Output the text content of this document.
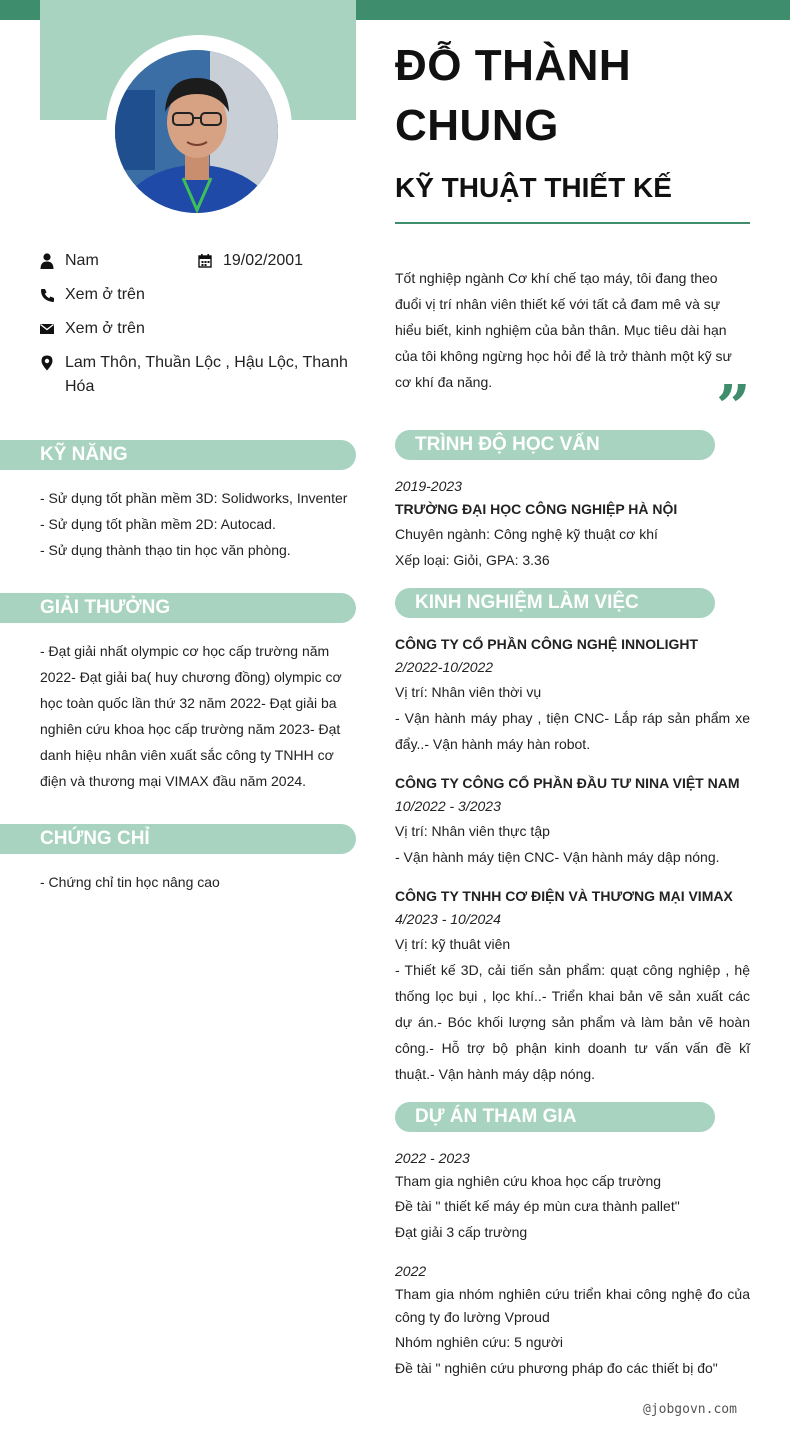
Nam	19/02/2001
Xem ở trên
Xem ở trên
Lam Thôn, Thuần Lộc , Hậu Lộc, Thanh Hóa
KỸ NĂNG
- Sử dụng tốt phần mềm 3D: Solidworks, Inventer
- Sử dụng tốt phần mềm 2D: Autocad.
- Sử dụng thành thạo tin học văn phòng.
GIẢI THƯỞNG
- Đạt giải nhất olympic cơ học cấp trường năm 2022- Đạt giải ba( huy chương đồng) olympic cơ học toàn quốc lần thứ 32 năm 2022- Đạt giải ba nghiên cứu khoa học cấp trường năm 2023- Đạt danh hiệu nhân viên xuất sắc công ty TNHH cơ điện và thương mại VIMAX đầu năm 2024.
CHỨNG CHỈ
- Chứng chỉ tin học nâng cao
ĐỖ THÀNH CHUNG
KỸ THUẬT THIẾT KẾ
Tốt nghiệp ngành Cơ khí chế tạo máy, tôi đang theo đuổi vị trí nhân viên thiết kế với tất cả đam mê và sự hiểu biết, kinh nghiệm của bản thân. Mục tiêu dài hạn của tôi không ngừng học hỏi để là trở thành một kỹ sư cơ khí đa năng.	”
TRÌNH ĐỘ HỌC VẤN
2019-2023
TRƯỜNG ĐẠI HỌC CÔNG NGHIỆP HÀ NỘI
Chuyên ngành: Công nghệ kỹ thuật cơ khí
Xếp loại: Giỏi, GPA: 3.36
KINH NGHIỆM LÀM VIỆC
CÔNG TY CỔ PHẦN CÔNG NGHỆ INNOLIGHT
2/2022-10/2022
Vị trí: Nhân viên thời vụ
- Vận hành máy phay , tiện CNC- Lắp ráp sản phẩm xe đẩy..- Vận hành máy hàn robot.
CÔNG TY CÔNG CỔ PHẦN ĐẦU TƯ NINA VIỆT NAM
10/2022 - 3/2023
Vị trí: Nhân viên thực tập
- Vận hành máy tiện CNC- Vận hành máy dập nóng.
CÔNG TY TNHH CƠ ĐIỆN VÀ THƯƠNG MẠI VIMAX
4/2023 - 10/2024
Vị trí: kỹ thuât viên
- Thiết kế 3D, cải tiến sản phẩm: quạt công nghiệp , hệ thống lọc bụi , lọc khí..- Triển khai bản vẽ sản xuất các dự án.- Bóc khối lượng sản phẩm và làm bản vẽ hoàn công.- Hỗ trợ bộ phận kinh doanh tư vấn vấn đề kĩ thuật.- Vận hành máy dập nóng.
DỰ ÁN THAM GIA
2022 - 2023
Tham gia nghiên cứu khoa học cấp trường
Đề tài " thiết kế máy ép mùn cưa thành pallet"
Đạt giải 3 cấp trường
2022
Tham gia nhóm nghiên cứu triển khai công nghệ đo của công ty đo lường Vproud
Nhóm nghiên cứu: 5 người
Đề tài " nghiên cứu phương pháp đo các thiết bị đo"
@jobgovn.com
